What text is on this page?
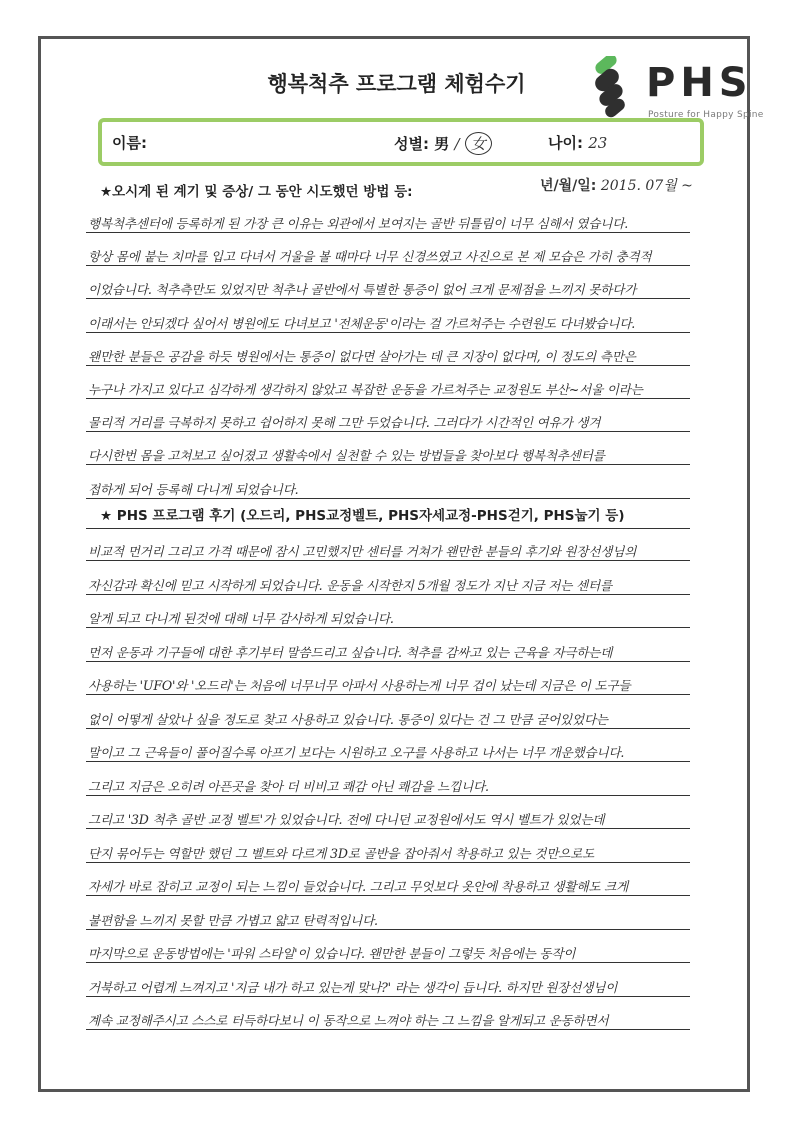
PHS
Posture for Happy Spine
행복척추 프로그램 체험수기
이름:	성별: 男 / 女	나이: 23
년/월/일: 2015. 07월 ~
★오시게 된 계기 및 증상/ 그 동안 시도했던 방법 등:
행복척추센터에 등록하게 된 가장 큰 이유는 외관에서 보여지는 골반 뒤틀림이 너무 심해서 였습니다.
항상 몸에 붙는 치마를 입고 다녀서 거울을 볼 때마다 너무 신경쓰였고 사진으로 본 제 모습은 가히 충격적
이었습니다. 척추측만도 있었지만 척추나 골반에서 특별한 통증이 없어 크게 문제점을 느끼지 못하다가
이래서는 안되겠다 싶어서 병원에도 다녀보고 '전체운동'이라는 걸 가르쳐주는 수련원도 다녀봤습니다.
왠만한 분들은 공감을 하듯 병원에서는 통증이 없다면 살아가는 데 큰 지장이 없다며, 이 정도의 측만은
누구나 가지고 있다고 심각하게 생각하지 않았고 복잡한 운동을 가르쳐주는 교정원도 부산~서울 이라는
물리적 거리를 극복하지 못하고 쉽어하지 못해 그만 두었습니다. 그러다가 시간적인 여유가 생겨
다시한번 몸을 고쳐보고 싶어졌고 생활속에서 실천할 수 있는 방법들을 찾아보다 행복척추센터를
접하게 되어 등록해 다니게 되었습니다.
★ PHS 프로그램 후기 (오드리, PHS교정벨트, PHS자세교정-PHS걷기, PHS눕기 등)
비교적 먼거리 그리고 가격 때문에 잠시 고민했지만 센터를 거쳐가 왠만한 분들의 후기와 원장선생님의
자신감과 확신에 믿고 시작하게 되었습니다. 운동을 시작한지 5개월 정도가 지난 지금 저는 센터를
알게 되고 다니게 된것에 대해 너무 감사하게 되었습니다.
먼저 운동과 기구들에 대한 후기부터 말씀드리고 싶습니다. 척추를 감싸고 있는 근육을 자극하는데
사용하는 'UFO'와 '오드리'는 처음에 너무너무 아파서 사용하는게 너무 겁이 났는데 지금은 이 도구들
없이 어떻게 살았나 싶을 정도로 찾고 사용하고 있습니다. 통증이 있다는 건 그 만큼 굳어있었다는
말이고 그 근육들이 풀어질수록 아프기 보다는 시원하고 오구를 사용하고 나서는 너무 개운했습니다.
그리고 지금은 오히려 아픈곳을 찾아 더 비비고 쾌감 아닌 쾌감을 느낍니다.
그리고 '3D 척추 골반 교정 벨트'가 있었습니다. 전에 다니던 교정원에서도 역시 벨트가 있었는데
단지 묶어두는 역할만 했던 그 벨트와 다르게 3D로 골반을 잡아줘서 착용하고 있는 것만으로도
자세가 바로 잡히고 교정이 되는 느낌이 들었습니다. 그리고 무엇보다 옷안에 착용하고 생활해도 크게
불편함을 느끼지 못할 만큼 가볍고 얇고 탄력적입니다.
마지막으로 운동방법에는 '파워 스타일'이 있습니다. 왠만한 분들이 그렇듯 처음에는 동작이
거북하고 어렵게 느껴지고 '지금 내가 하고 있는게 맞나?' 라는 생각이 듭니다. 하지만 원장선생님이
계속 교정해주시고 스스로 터득하다보니 이 동작으로 느껴야 하는 그 느낌을 알게되고 운동하면서
